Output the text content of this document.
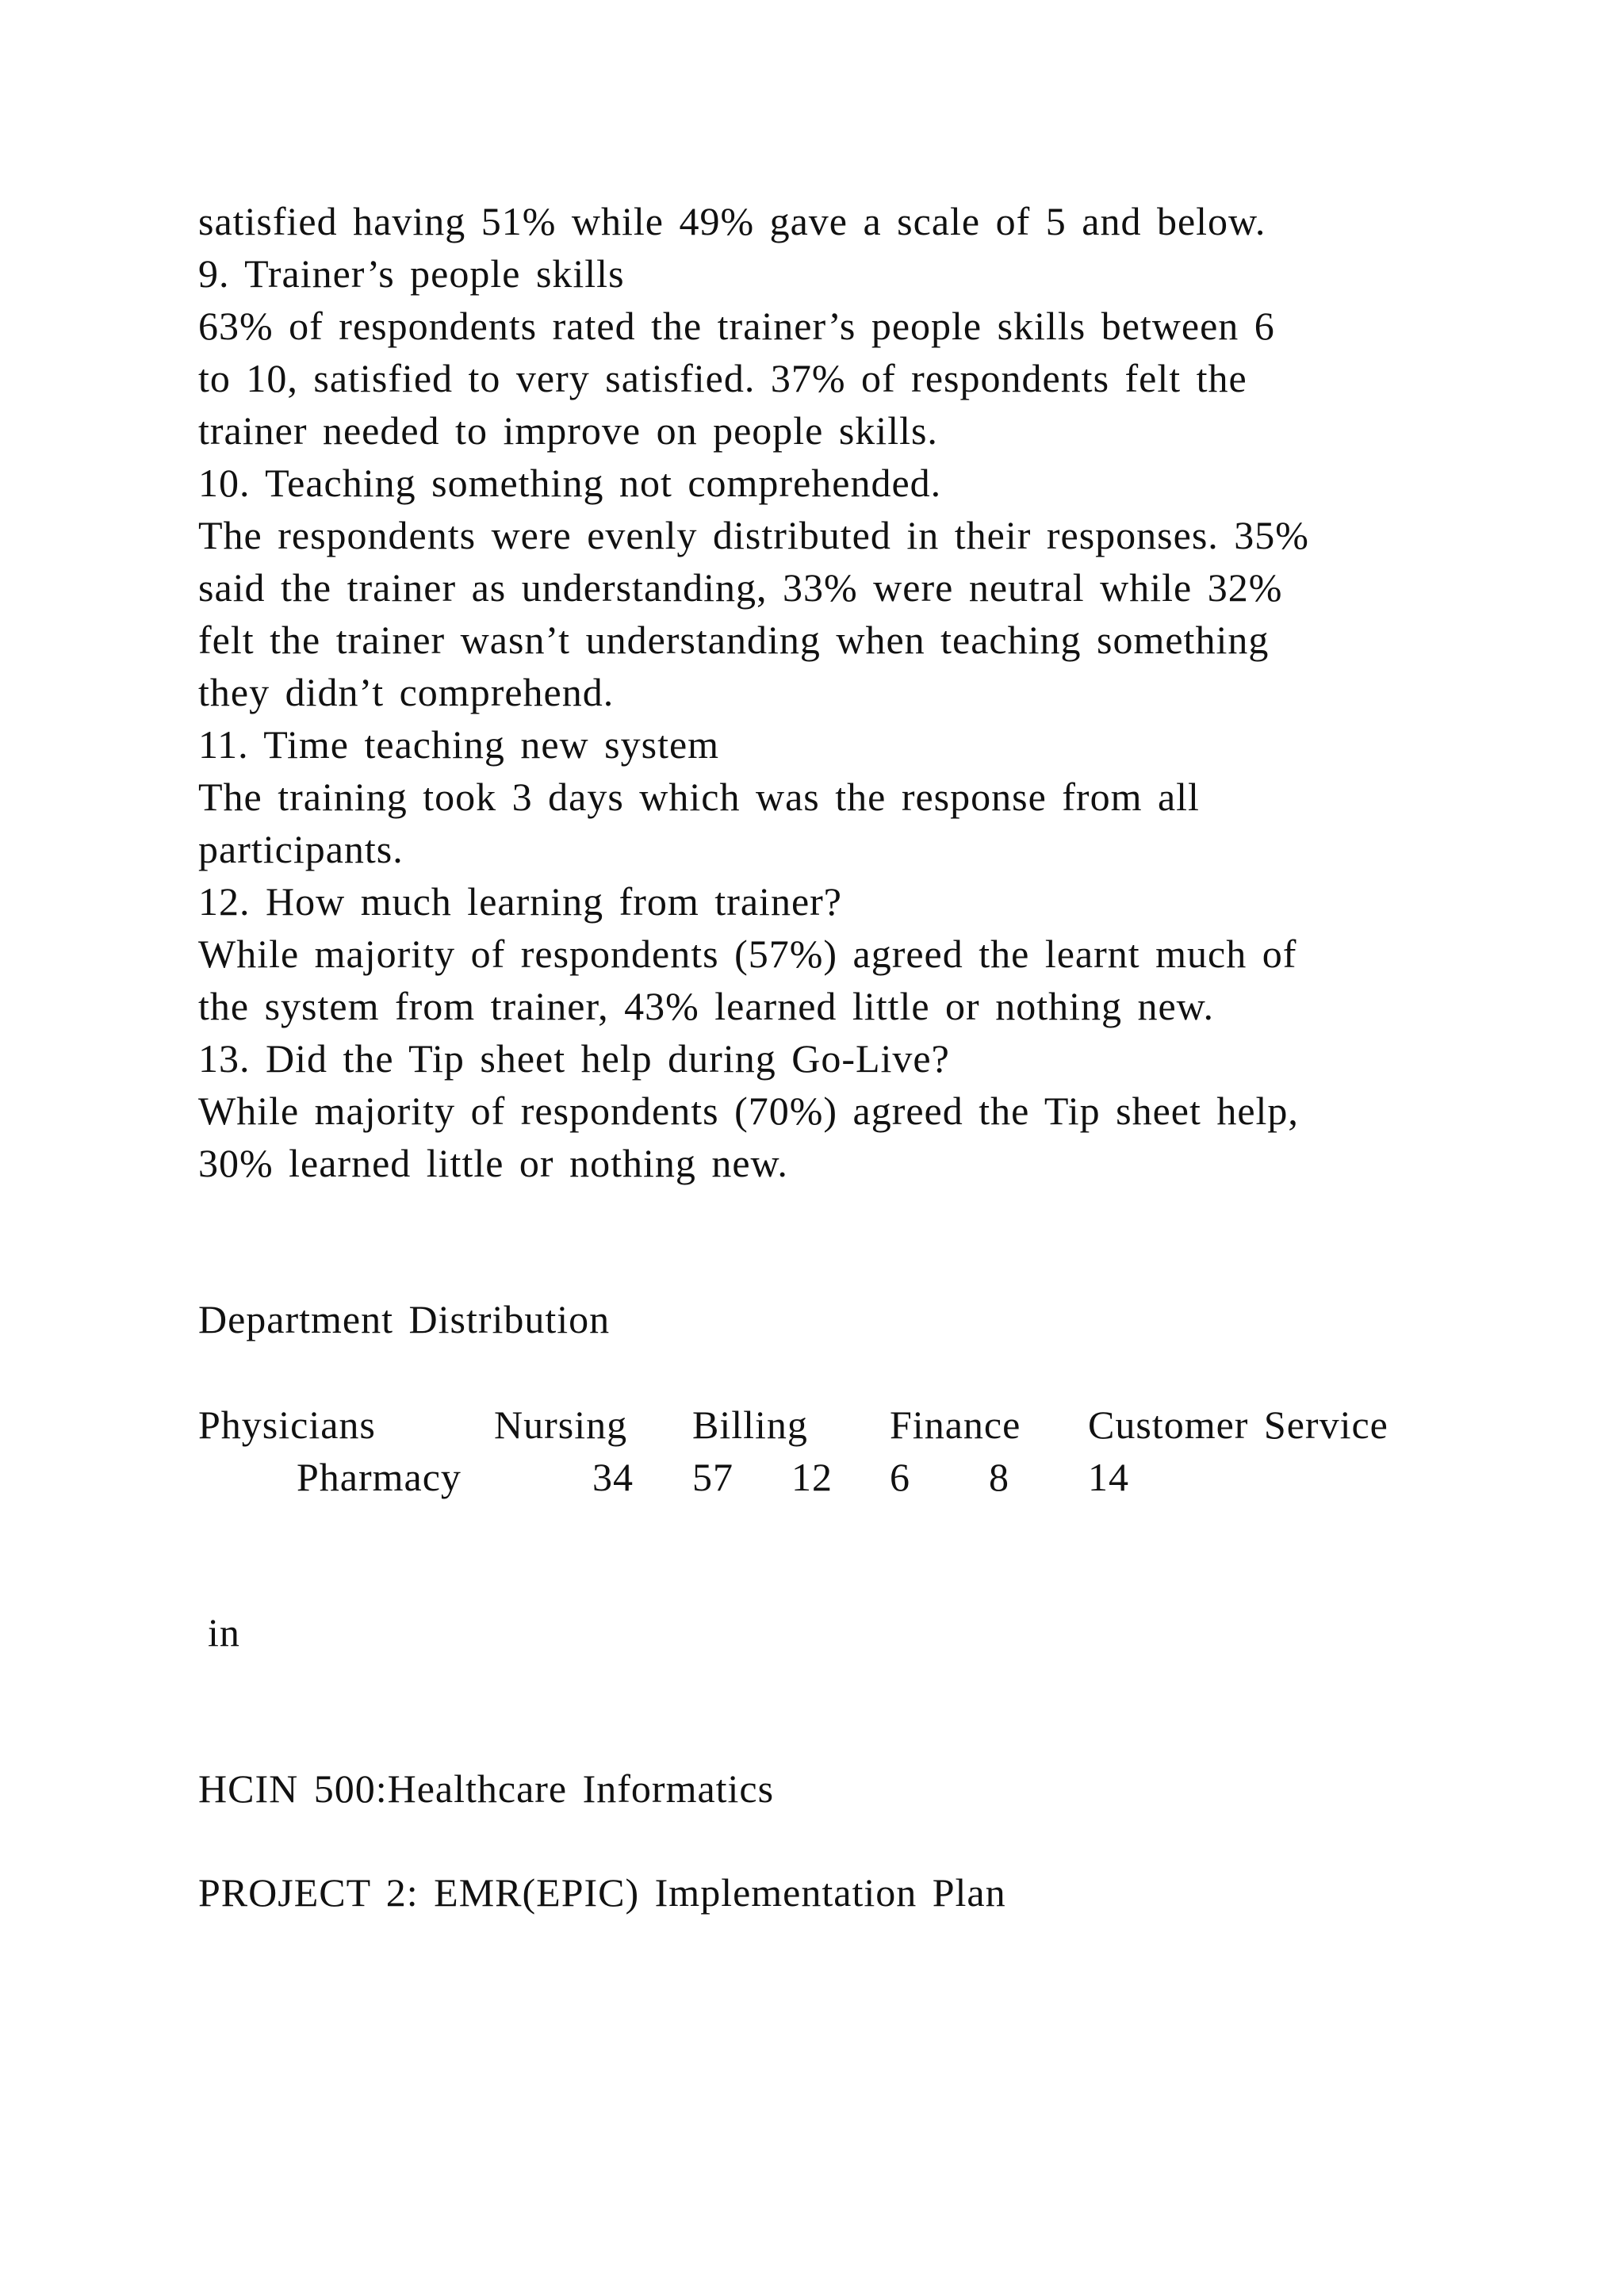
satisfied having 51% while 49% gave a scale of 5 and below.
9. Trainer’s people skills
63% of respondents rated the trainer’s people skills between 6
to 10, satisfied to very satisfied. 37% of respondents felt the
trainer needed to improve on people skills.
10. Teaching something not comprehended.
The respondents were evenly distributed in their responses. 35%
said the trainer as understanding, 33% were neutral while 32%
felt the trainer wasn’t understanding when teaching something
they didn’t comprehend.
11. Time teaching new system
The training took 3 days which was the response from all
participants.
12. How much learning from trainer?
While majority of respondents (57%) agreed the learnt much of
the system from trainer, 43% learned little or nothing new.
13. Did the Tip sheet help during Go-Live?
While majority of respondents (70%) agreed the Tip sheet help,
30% learned little or nothing new.
Department Distribution
Physicians	Nursing Billing Finance Customer Service
Pharmacy	34 57 12 6 8 14
in
HCIN 500:Healthcare Informatics
PROJECT 2: EMR(EPIC) Implementation Plan
